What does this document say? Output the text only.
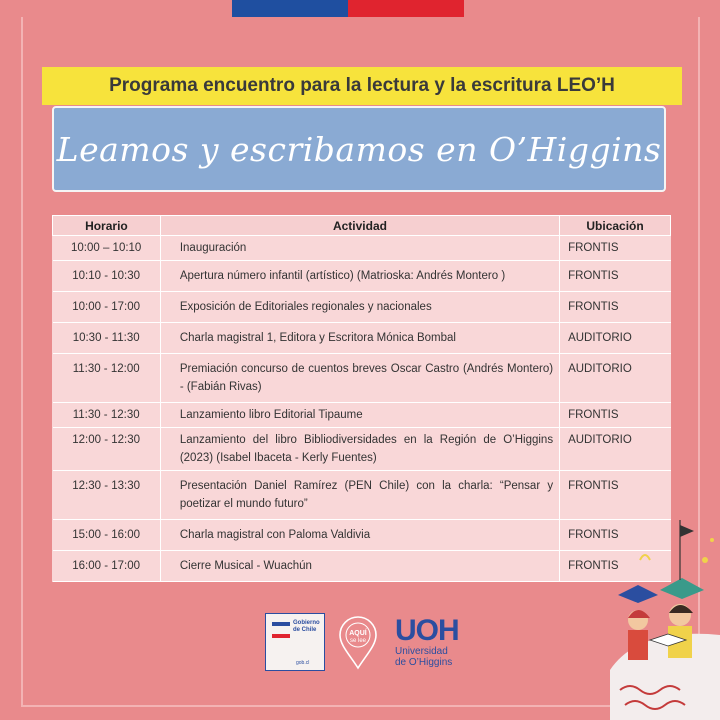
Programa encuentro para la lectura y la escritura LEO’H
Leamos y escribamos en O’Higgins
Horario	Actividad	Ubicación
10:00 – 10:10	Inauguración	FRONTIS
10:10 - 10:30	Apertura número infantil (artístico) (Matrioska: Andrés Montero )	FRONTIS
10:00 - 17:00	Exposición de Editoriales regionales y nacionales	FRONTIS
10:30 - 11:30	Charla magistral 1, Editora y Escritora Mónica Bombal	AUDITORIO
11:30 - 12:00	Premiación concurso de cuentos breves Oscar Castro (Andrés Montero) - (Fabián Rivas)	AUDITORIO
11:30 - 12:30	Lanzamiento libro Editorial Tipaume	FRONTIS
12:00 - 12:30	Lanzamiento del libro Bibliodiversidades en la Región de O’Higgins (2023) (Isabel Ibaceta - Kerly Fuentes)	AUDITORIO
12:30 - 13:30	Presentación Daniel Ramírez (PEN Chile) con la charla: “Pensar y poetizar el mundo futuro”	FRONTIS
15:00 - 16:00	Charla magistral con Paloma Valdivia	FRONTIS
16:00 - 17:00	Cierre Musical - Wuachún	FRONTIS
Gobierno
de Chile
gob.cl
AQUÍ
se lee UOH
Universidad
de O’Higgins
